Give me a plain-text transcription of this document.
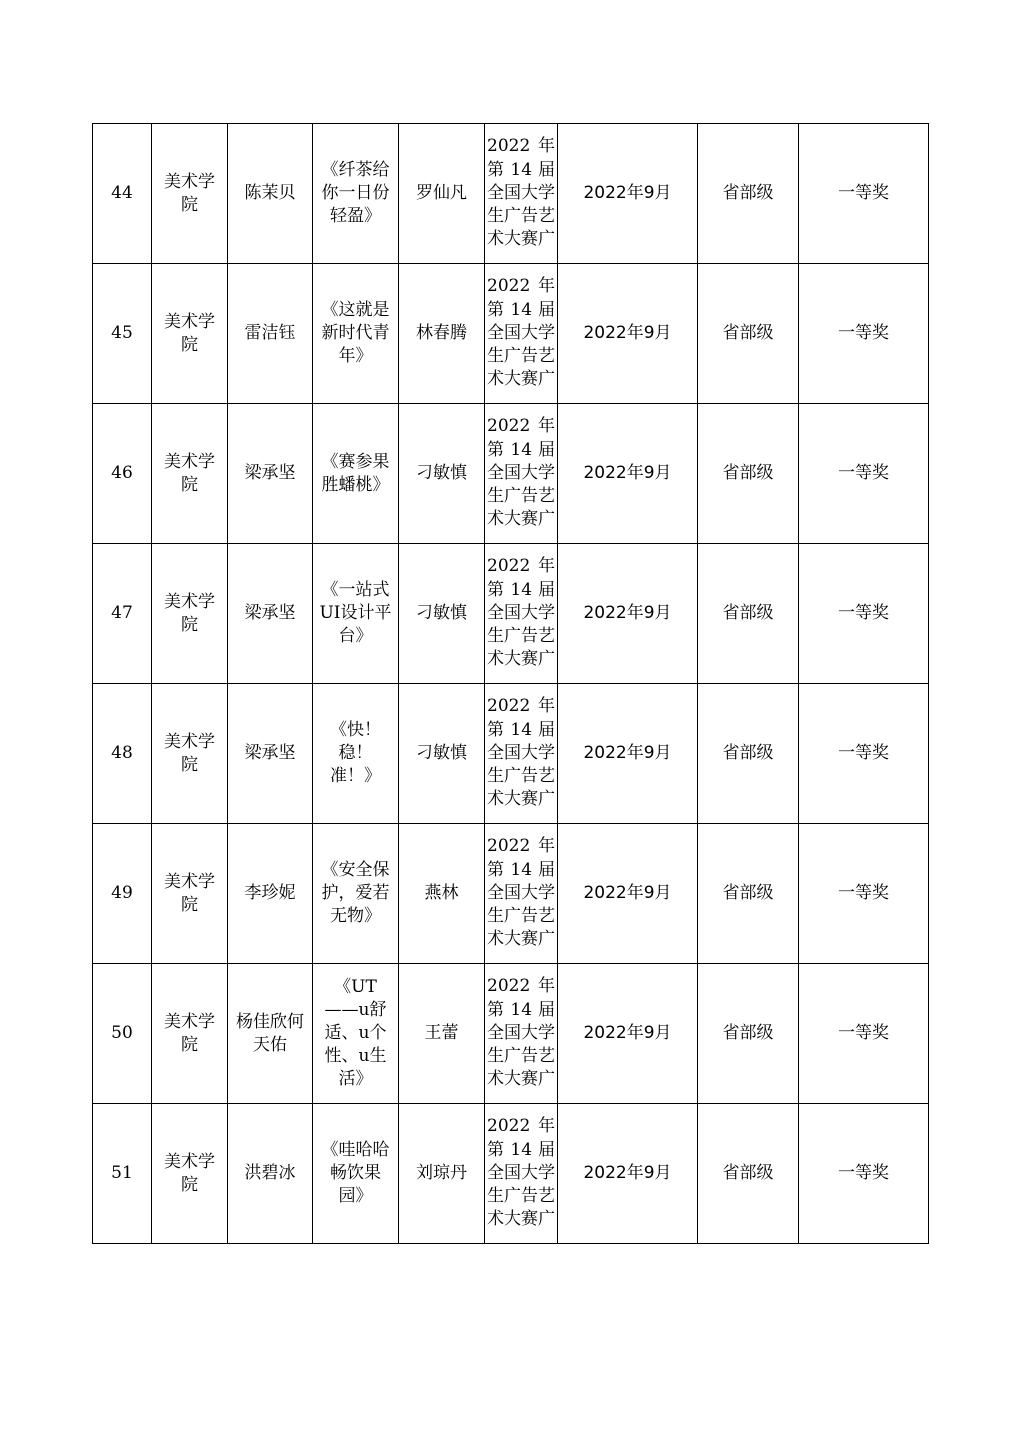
44	美术学院	陈茉贝	《纤茶给你一日份轻盈》	罗仙凡	2022 年第 14 届全国大学生广告艺术大赛广	2022年9月	省部级	一等奖
45	美术学院	雷洁钰	《这就是新时代青年》	林春腾	2022 年第 14 届全国大学生广告艺术大赛广	2022年9月	省部级	一等奖
46	美术学院	梁承坚	《赛参果胜蟠桃》	刁敏慎	2022 年第 14 届全国大学生广告艺术大赛广	2022年9月	省部级	一等奖
47	美术学院	梁承坚	《一站式UI设计平台》	刁敏慎	2022 年第 14 届全国大学生广告艺术大赛广	2022年9月	省部级	一等奖
48	美术学院	梁承坚	《快！稳！准！》	刁敏慎	2022 年第 14 届全国大学生广告艺术大赛广	2022年9月	省部级	一等奖
49	美术学院	李珍妮	《安全保护，爱若无物》	燕林	2022 年第 14 届全国大学生广告艺术大赛广	2022年9月	省部级	一等奖
50	美术学院	杨佳欣何天佑	《UT——u舒适、u个性、u生活》	王蕾	2022 年第 14 届全国大学生广告艺术大赛广	2022年9月	省部级	一等奖
51	美术学院	洪碧冰	《哇哈哈畅饮果园》	刘琼丹	2022 年第 14 届全国大学生广告艺术大赛广	2022年9月	省部级	一等奖
